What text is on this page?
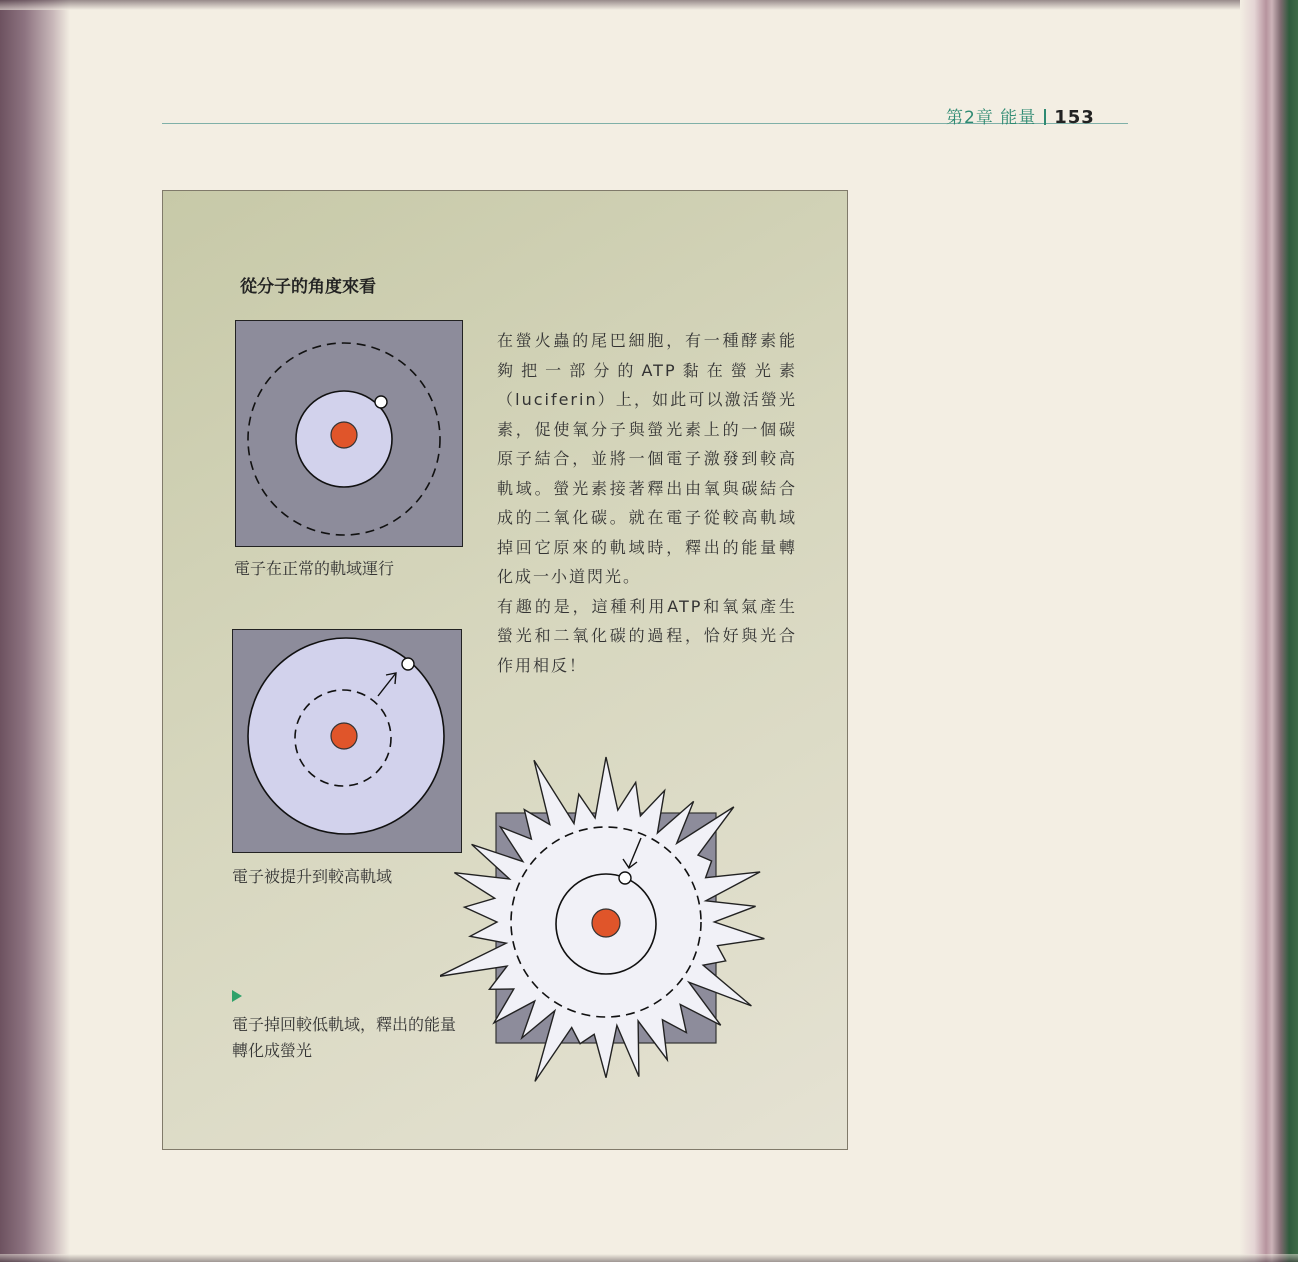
第2章 能量 153
從分子的角度來看
電子在正常的軌域運行
電子被提升到較高軌域

在螢火蟲的尾巴細胞，有一種酵素能夠把一部分的ATP黏在螢光素（luciferin）上，如此可以激活螢光素，促使氧分子與螢光素上的一個碳原子結合，並將一個電子激發到較高軌域。螢光素接著釋出由氧與碳結合成的二氧化碳。就在電子從較高軌域掉回它原來的軌域時，釋出的能量轉化成一小道閃光。

有趣的是，這種利用ATP和氧氣產生螢光和二氧化碳的過程，恰好與光合作用相反！

電子掉回較低軌域，釋出的能量轉化成螢光
